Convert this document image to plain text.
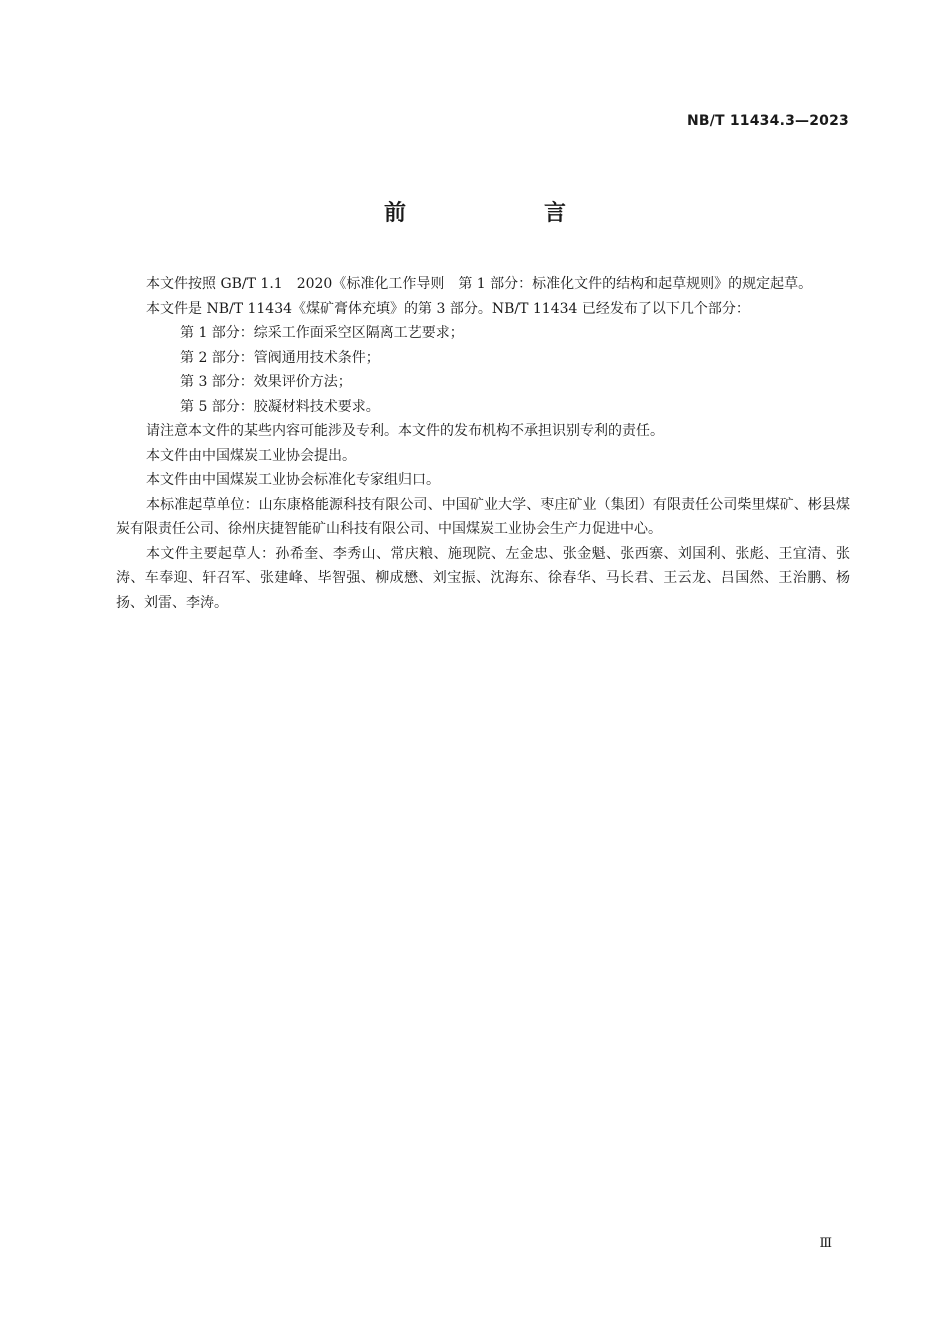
NB/T 11434.3—2023
前　言

本文件按照 GB/T 1.1　2020《标准化工作导则　第 1 部分：标准化文件的结构和起草规则》的规定起草。

本文件是 NB/T 11434《煤矿膏体充填》的第 3 部分。NB/T 11434 已经发布了以下几个部分：

第 1 部分：综采工作面采空区隔离工艺要求；

第 2 部分：管阀通用技术条件；

第 3 部分：效果评价方法；

第 5 部分：胶凝材料技术要求。

请注意本文件的某些内容可能涉及专利。本文件的发布机构不承担识别专利的责任。

本文件由中国煤炭工业协会提出。

本文件由中国煤炭工业协会标准化专家组归口。

本标准起草单位：山东康格能源科技有限公司、中国矿业大学、枣庄矿业（集团）有限责任公司柴里煤矿、彬县煤炭有限责任公司、徐州庆捷智能矿山科技有限公司、中国煤炭工业协会生产力促进中心。

本文件主要起草人：孙希奎、李秀山、常庆粮、施现院、左金忠、张金魁、张西寨、刘国利、张彪、王宜清、张涛、车奉迎、轩召军、张建峰、毕智强、柳成懋、刘宝振、沈海东、徐春华、马长君、王云龙、吕国然、王治鹏、杨扬、刘雷、李涛。

Ⅲ
